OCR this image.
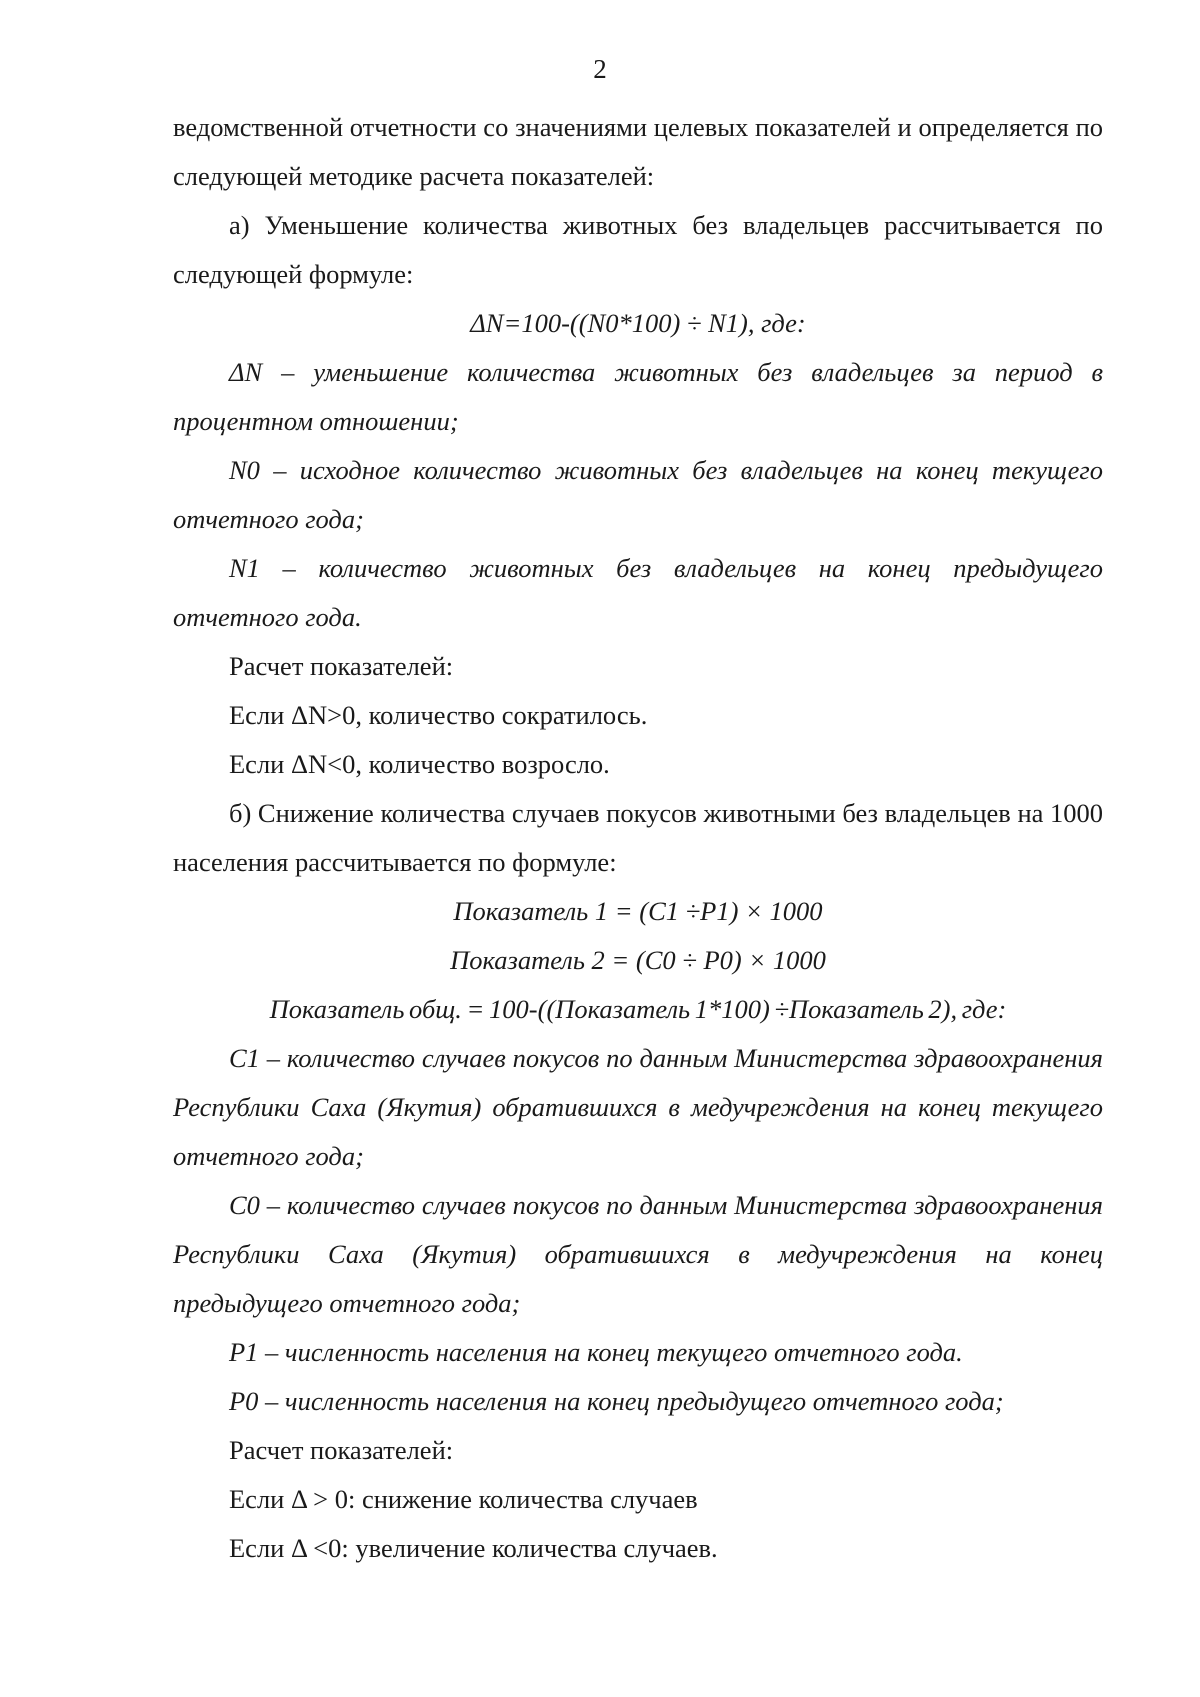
2

ведомственной отчетности со значениями целевых показателей и определяется по следующей методике расчета показателей:

а) Уменьшение количества животных без владельцев рассчитывается по следующей формуле:

ΔN=100-((N0*100) ÷ N1), где:

ΔN – уменьшение количества животных без владельцев за период в процентном отношении;

N0 – исходное количество животных без владельцев на конец текущего отчетного года;

N1 – количество животных без владельцев на конец предыдущего отчетного года.

Расчет показателей:

Если ΔN>0, количество сократилось.

Если ΔN<0, количество возросло.

б) Снижение количества случаев покусов животными без владельцев на 1000 населения рассчитывается по формуле:

Показатель 1 = (С1 ÷Р1) × 1000

Показатель 2 = (С0 ÷ Р0) × 1000

Показатель общ. = 100-((Показатель 1*100) ÷Показатель 2), где:

С1 – количество случаев покусов по данным Министерства здравоохранения Республики Саха (Якутия) обратившихся в медучреждения на конец текущего отчетного года;

С0 – количество случаев покусов по данным Министерства здравоохранения Республики Саха (Якутия) обратившихся в медучреждения на конец предыдущего отчетного года;

Р1 – численность населения на конец текущего отчетного года.

Р0 – численность населения на конец предыдущего отчетного года;

Расчет показателей:

Если Δ > 0: снижение количества случаев

Если Δ <0: увеличение количества случаев.
